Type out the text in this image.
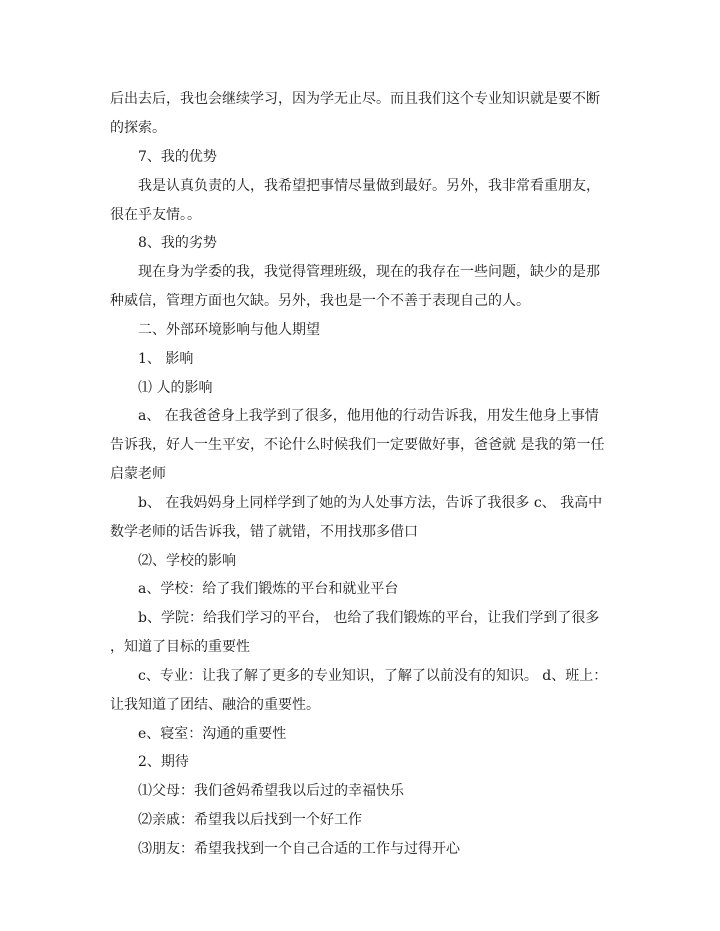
后出去后，我也会继续学习，因为学无止尽。而且我们这个专业知识就是要不断
的探索。
7、我的优势
我是认真负责的人，我希望把事情尽量做到最好。另外，我非常看重朋友，
很在乎友情。。
8、我的劣势
现在身为学委的我，我觉得管理班级，现在的我存在一些问题，缺少的是那
种威信，管理方面也欠缺。另外，我也是一个不善于表现自己的人。
二、外部环境影响与他人期望
1、 影响
⑴ 人的影响
a、 在我爸爸身上我学到了很多，他用他的行动告诉我，用发生他身上事情
告诉我，好人一生平安，不论什么时候我们一定要做好事，爸爸就 是我的第一任
启蒙老师
b、 在我妈妈身上同样学到了她的为人处事方法，告诉了我很多 c、 我高中
数学老师的话告诉我，错了就错，不用找那多借口
⑵、学校的影响
a、学校：给了我们锻炼的平台和就业平台
b、学院：给我们学习的平台， 也给了我们锻炼的平台，让我们学到了很多
，知道了目标的重要性
c、专业：让我了解了更多的专业知识，了解了以前没有的知识。 d、班上：
让我知道了团结、融洽的重要性。
e、寝室：沟通的重要性
2、期待
⑴父母：我们爸妈希望我以后过的幸福快乐
⑵亲戚：希望我以后找到一个好工作
⑶朋友：希望我找到一个自己合适的工作与过得开心
